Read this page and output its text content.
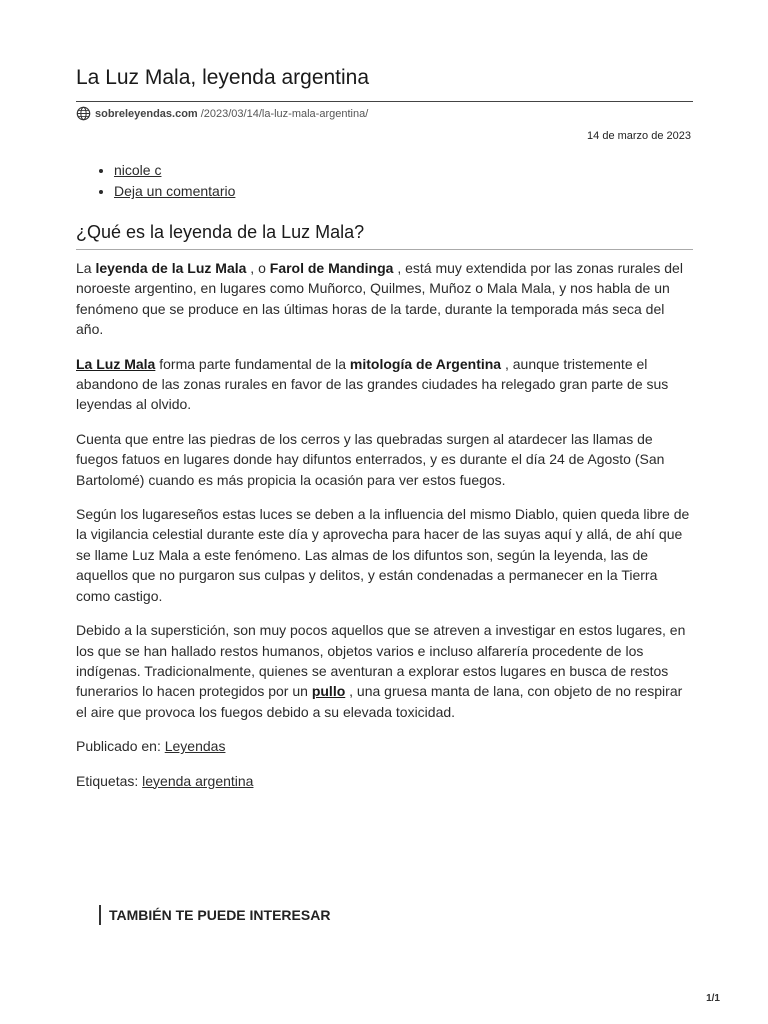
La Luz Mala, leyenda argentina
sobreleyendas.com /2023/03/14/la-luz-mala-argentina/
14 de marzo de 2023
• nicole c
• Deja un comentario
¿Qué es la leyenda de la Luz Mala?

La leyenda de la Luz Mala , o Farol de Mandinga , está muy extendida por las zonas rurales del noroeste argentino, en lugares como Muñorco, Quilmes, Muñoz o Mala Mala, y nos habla de un fenómeno que se produce en las últimas horas de la tarde, durante la temporada más seca del año.

La Luz Mala forma parte fundamental de la mitología de Argentina , aunque tristemente el abandono de las zonas rurales en favor de las grandes ciudades ha relegado gran parte de sus leyendas al olvido.

Cuenta que entre las piedras de los cerros y las quebradas surgen al atardecer las llamas de fuegos fatuos en lugares donde hay difuntos enterrados, y es durante el día 24 de Agosto (San Bartolomé) cuando es más propicia la ocasión para ver estos fuegos.

Según los lugareseños estas luces se deben a la influencia del mismo Diablo, quien queda libre de la vigilancia celestial durante este día y aprovecha para hacer de las suyas aquí y allá, de ahí que se llame Luz Mala a este fenómeno. Las almas de los difuntos son, según la leyenda, las de aquellos que no purgaron sus culpas y delitos, y están condenadas a permanecer en la Tierra como castigo.

Debido a la superstición, son muy pocos aquellos que se atreven a investigar en estos lugares, en los que se han hallado restos humanos, objetos varios e incluso alfarería procedente de los indígenas. Tradicionalmente, quienes se aventuran a explorar estos lugares en busca de restos funerarios lo hacen protegidos por un pullo , una gruesa manta de lana, con objeto de no respirar el aire que provoca los fuegos debido a su elevada toxicidad.

Publicado en: Leyendas

Etiquetas: leyenda argentina

TAMBIÉN TE PUEDE INTERESAR
1/1
